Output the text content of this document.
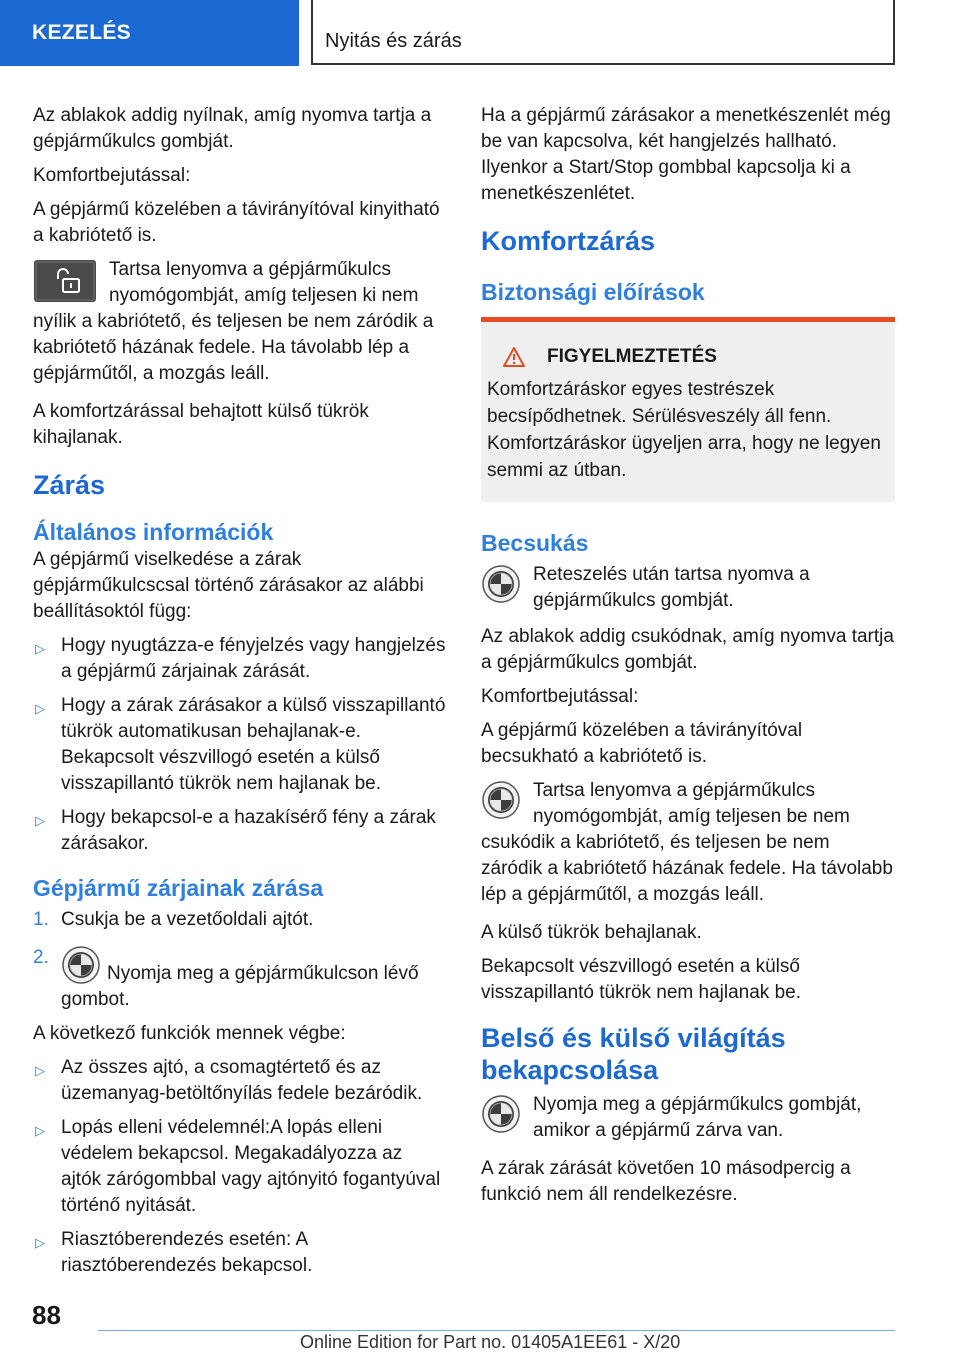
KEZELÉS	Nyitás és zárás

Az ablakok addig nyílnak, amíg nyomva tartja a gépjárműkulcs gombját.

Komfortbejutással:

A gépjármű közelében a távirányítóval kinyitható a kabriótető is.

Tartsa lenyomva a gépjárműkulcs nyomógombját, amíg teljesen ki nem nyílik a kabriótető, és teljesen be nem záródik a kabriótető házának fedele. Ha távolabb lép a gépjárműtől, a mozgás leáll.

A komfortzárással behajtott külső tükrök kihajlanak.

Zárás
Általános információk

A gépjármű viselkedése a zárak gépjárműkulcscsal történő zárásakor az alábbi beállításoktól függ:

▷ Hogy nyugtázza-e fényjelzés vagy hangjelzés a gépjármű zárjainak zárását.
▷ Hogy a zárak zárásakor a külső visszapillantó tükrök automatikusan behajlanak-e. Bekapcsolt vészvillogó esetén a külső visszapillantó tükrök nem hajlanak be.
▷ Hogy bekapcsol-e a hazakísérő fény a zárak zárásakor.
Gépjármű zárjainak zárása
1. Csukja be a vezetőoldali ajtót.
2.
Nyomja meg a gépjárműkulcson lévő gombot.

A következő funkciók mennek végbe:

▷ Az összes ajtó, a csomagtértető és az üzemanyag-betöltőnyílás fedele bezáródik.
▷ Lopás elleni védelemnél:A lopás elleni védelem bekapcsol. Megakadályozza az ajtók zárógombbal vagy ajtónyitó fogantyúval történő nyitását.
▷ Riasztóberendezés esetén: A riasztóberendezés bekapcsol.

Ha a gépjármű zárásakor a menetkészenlét még be van kapcsolva, két hangjelzés hallható. Ilyenkor a Start/Stop gombbal kapcsolja ki a menetkészenlétet.

Komfortzárás
Biztonsági előírások
FIGYELMEZTETÉS
Komfortzáráskor egyes testrészek becsípődhetnek. Sérülésveszély áll fenn. Komfortzáráskor ügyeljen arra, hogy ne legyen semmi az útban.
Becsukás
Reteszelés után tartsa nyomva a gépjárműkulcs gombját.

Az ablakok addig csukódnak, amíg nyomva tartja a gépjárműkulcs gombját.

Komfortbejutással:

A gépjármű közelében a távirányítóval becsukható a kabriótető is.

Tartsa lenyomva a gépjárműkulcs nyomógombját, amíg teljesen be nem csukódik a kabriótető, és teljesen be nem záródik a kabriótető házának fedele. Ha távolabb lép a gépjárműtől, a mozgás leáll.

A külső tükrök behajlanak.

Bekapcsolt vészvillogó esetén a külső visszapillantó tükrök nem hajlanak be.

Belső és külső világítás bekapcsolása
Nyomja meg a gépjárműkulcs gombját, amikor a gépjármű zárva van.

A zárak zárását követően 10 másodpercig a funkció nem áll rendelkezésre.

88
Online Edition for Part no. 01405A1EE61 - X/20
